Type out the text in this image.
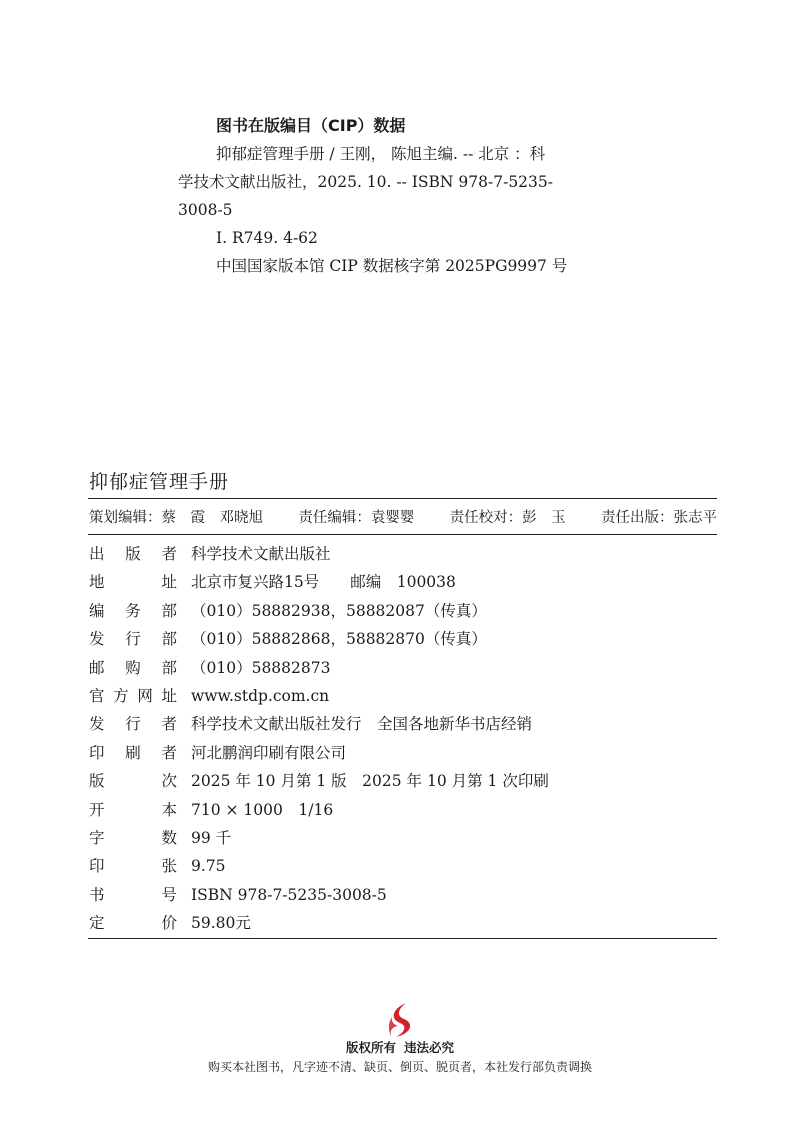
图书在版编目（CIP）数据
抑郁症管理手册 / 王刚， 陈旭主编. -- 北京 ：科
学技术文献出版社，2025. 10. -- ISBN 978-7-5235-
3008-5
Ⅰ. R749. 4-62
中国国家版本馆 CIP 数据核字第 2025PG9997 号
抑郁症管理手册
策划编辑：蔡　霞　邓晓旭 责任编辑：袁婴婴 责任校对：彭　玉 责任出版：张志平
出 版 者 科学技术文献出版社
地	址 北京市复兴路15号　　邮编　100038
编 务 部 （010）58882938，58882087（传真）
发 行 部 （010）58882868，58882870（传真）
邮 购 部 （010）58882873
官 方 网 址 www.stdp.com.cn
发 行 者 科学技术文献出版社发行　全国各地新华书店经销
印 刷 者 河北鹏润印刷有限公司
版	次 2025 年 10 月第 1 版　2025 年 10 月第 1 次印刷
开	本 710 × 1000　1/16
字	数 99 千
印	张 9.75
书	号 ISBN 978-7-5235-3008-5
定	价 59.80元
版权所有 违法必究
购买本社图书，凡字迹不清、缺页、倒页、脱页者，本社发行部负责调换
